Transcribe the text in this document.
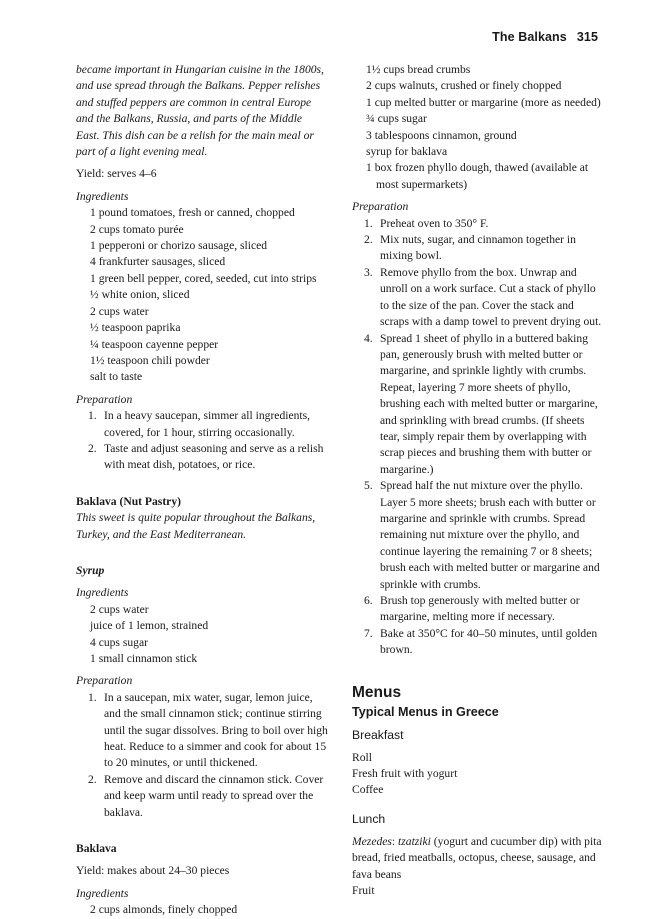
The Balkans 315

became important in Hungarian cuisine in the 1800s, and use spread through the Balkans. Pepper relishes and stuffed peppers are common in central Europe and the Balkans, Russia, and parts of the Middle East. This dish can be a relish for the main meal or part of a light evening meal.

Yield: serves 4–6

Ingredients

1 pound tomatoes, fresh or canned, chopped

2 cups tomato purée

1 pepperoni or chorizo sausage, sliced

4 frankfurter sausages, sliced

1 green bell pepper, cored, seeded, cut into strips

½ white onion, sliced

2 cups water

½ teaspoon paprika

¼ teaspoon cayenne pepper

1½ teaspoon chili powder

salt to taste

Preparation

1. In a heavy saucepan, simmer all ingredients, covered, for 1 hour, stirring occasionally.
2. Taste and adjust seasoning and serve as a relish with meat dish, potatoes, or rice.

Baklava (Nut Pastry)

This sweet is quite popular throughout the Balkans, Turkey, and the East Mediterranean.

Syrup

Ingredients

2 cups water

juice of 1 lemon, strained

4 cups sugar

1 small cinnamon stick

Preparation

1. In a saucepan, mix water, sugar, lemon juice, and the small cinnamon stick; continue stirring until the sugar dissolves. Bring to boil over high heat. Reduce to a simmer and cook for about 15 to 20 minutes, or until thickened.
2. Remove and discard the cinnamon stick. Cover and keep warm until ready to spread over the baklava.

Baklava

Yield: makes about 24–30 pieces

Ingredients

2 cups almonds, finely chopped

1½ cups bread crumbs

2 cups walnuts, crushed or finely chopped

1 cup melted butter or margarine (more as needed)

¾ cups sugar

3 tablespoons cinnamon, ground

syrup for baklava

1 box frozen phyllo dough, thawed (available at most supermarkets)

Preparation

1. Preheat oven to 350° F.
2. Mix nuts, sugar, and cinnamon together in mixing bowl.
3. Remove phyllo from the box. Unwrap and unroll on a work surface. Cut a stack of phyllo to the size of the pan. Cover the stack and scraps with a damp towel to prevent drying out.
4. Spread 1 sheet of phyllo in a buttered baking pan, generously brush with melted butter or margarine, and sprinkle lightly with crumbs. Repeat, layering 7 more sheets of phyllo, brushing each with melted butter or margarine, and sprinkling with bread crumbs. (If sheets tear, simply repair them by overlapping with scrap pieces and brushing them with butter or margarine.)
5. Spread half the nut mixture over the phyllo. Layer 5 more sheets; brush each with butter or margarine and sprinkle with crumbs. Spread remaining nut mixture over the phyllo, and continue layering the remaining 7 or 8 sheets; brush each with melted butter or margarine and sprinkle with crumbs.
6. Brush top generously with melted butter or margarine, melting more if necessary.
7. Bake at 350°C for 40–50 minutes, until golden brown.

Menus

Typical Menus in Greece

Breakfast

Roll

Fresh fruit with yogurt

Coffee

Lunch

Mezedes: tzatziki (yogurt and cucumber dip) with pita bread, fried meatballs, octopus, cheese, sausage, and fava beans

Fruit
